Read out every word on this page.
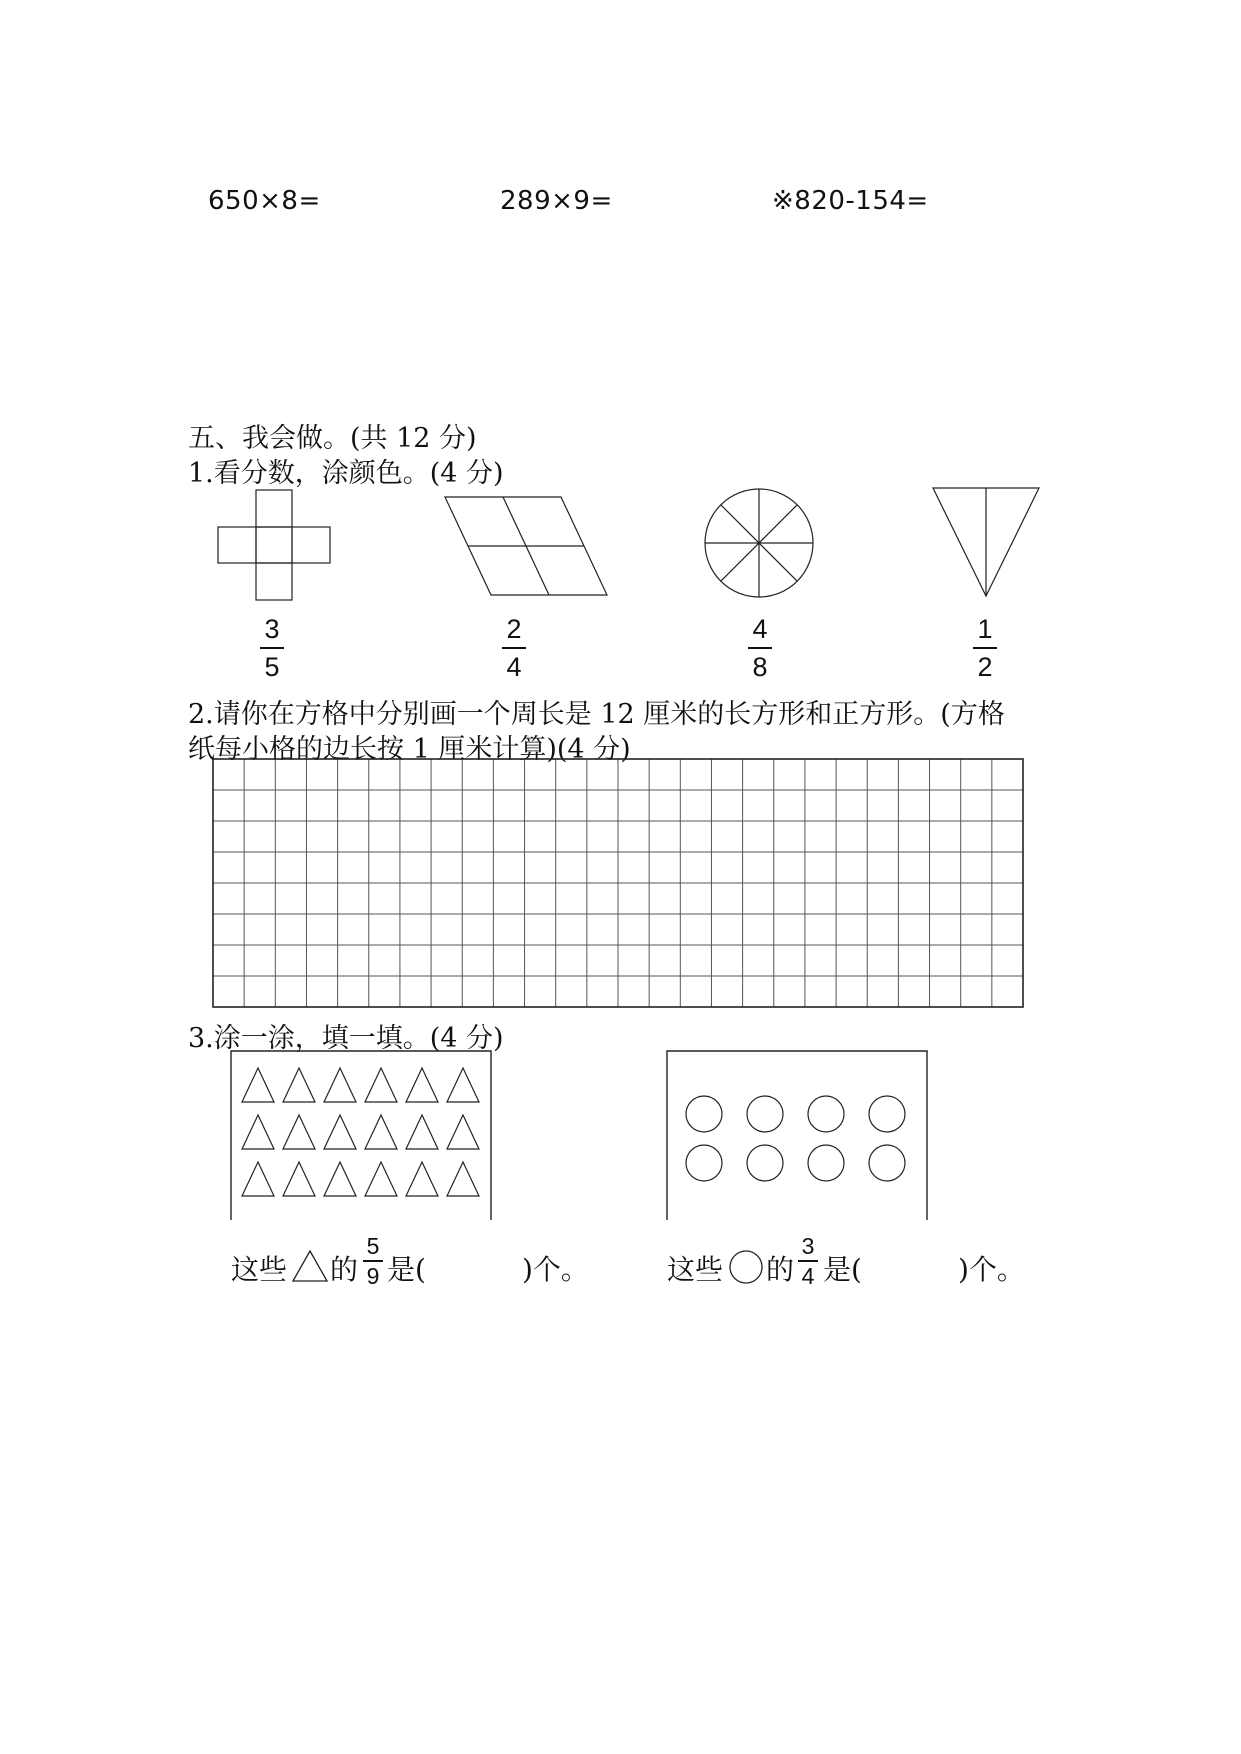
650×8=	289×9=	※820-154=
五、我会做。(共 12 分)
1.看分数，涂颜色。(4 分)
3
5
2
4
4
8
1
2
2.请你在方格中分别画一个周长是 12 厘米的长方形和正方形。(方格
纸每小格的边长按 1 厘米计算)(4 分)
3.涂一涂，填一填。(4 分)
这些 的
5
9 是(	)个。	这些 的
3
4 是(	)个。
